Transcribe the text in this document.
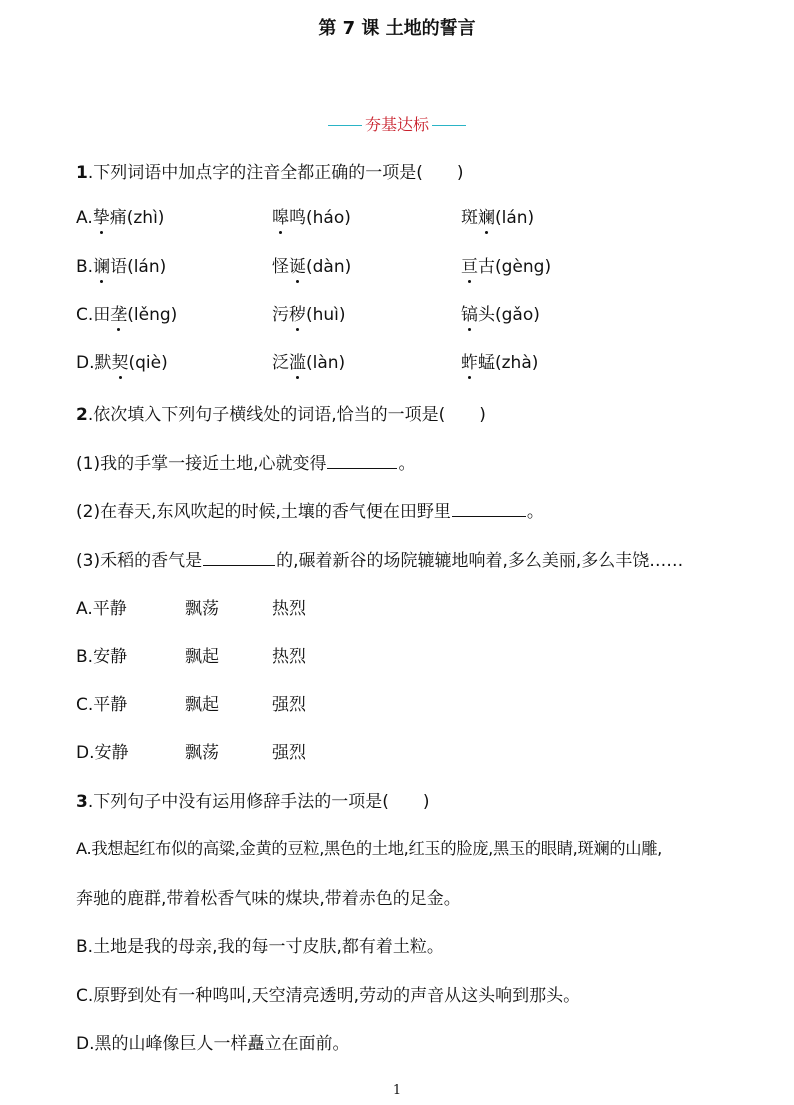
第 7 课 土地的誓言
夯基达标
1.下列词语中加点字的注音全都正确的一项是(　　)
A.挚痛(zhì)	嗥鸣(háo)	斑斓(lán)
B.谰语(lán)	怪诞(dàn)	亘古(gèng)
C.田垄(lěng)	污秽(huì)	镐头(gǎo)
D.默契(qiè)	泛滥(làn)	蚱蜢(zhà)
2.依次填入下列句子横线处的词语,恰当的一项是(　　)
(1)我的手掌一接近土地,心就变得	。
(2)在春天,东风吹起的时候,土壤的香气便在田野里	。
(3)禾稻的香气是	的,碾着新谷的场院辘辘地响着,多么美丽,多么丰饶……
A.平静	飘荡	热烈
B.安静	飘起	热烈
C.平静	飘起	强烈
D.安静	飘荡	强烈
3.下列句子中没有运用修辞手法的一项是(　　)
A.我想起红布似的高粱,金黄的豆粒,黑色的土地,红玉的脸庞,黑玉的眼睛,斑斓的山雕,
奔驰的鹿群,带着松香气味的煤块,带着赤色的足金。
B.土地是我的母亲,我的每一寸皮肤,都有着土粒。
C.原野到处有一种鸣叫,天空清亮透明,劳动的声音从这头响到那头。
D.黑的山峰像巨人一样矗立在面前。
1
